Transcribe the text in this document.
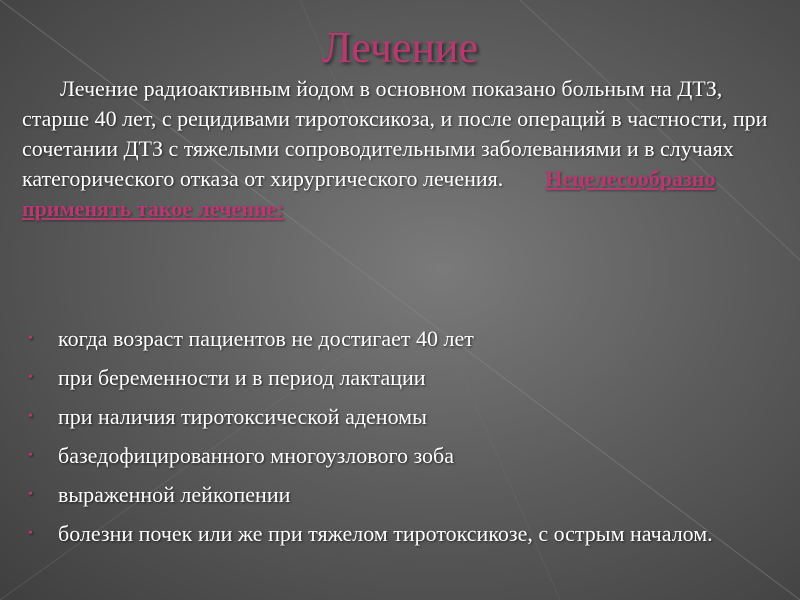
Лечение

Лечение радиоактивным йодом в основном показано больным на ДТЗ, старше 40 лет, с рецидивами тиротоксикоза, и после операций в частности, при сочетании ДТЗ с тяжелыми сопроводительными заболеваниями и в случаях категорического отказа от хирургического лечения. Нецелесообразно применять такое лечение:

• когда возраст пациентов не достигает 40 лет
• при беременности и в период лактации
• при наличия тиротоксической аденомы
• базедофицированного многоузлового зоба
• выраженной лейкопении
• болезни почек или же при тяжелом тиротоксикозе, с острым началом.
